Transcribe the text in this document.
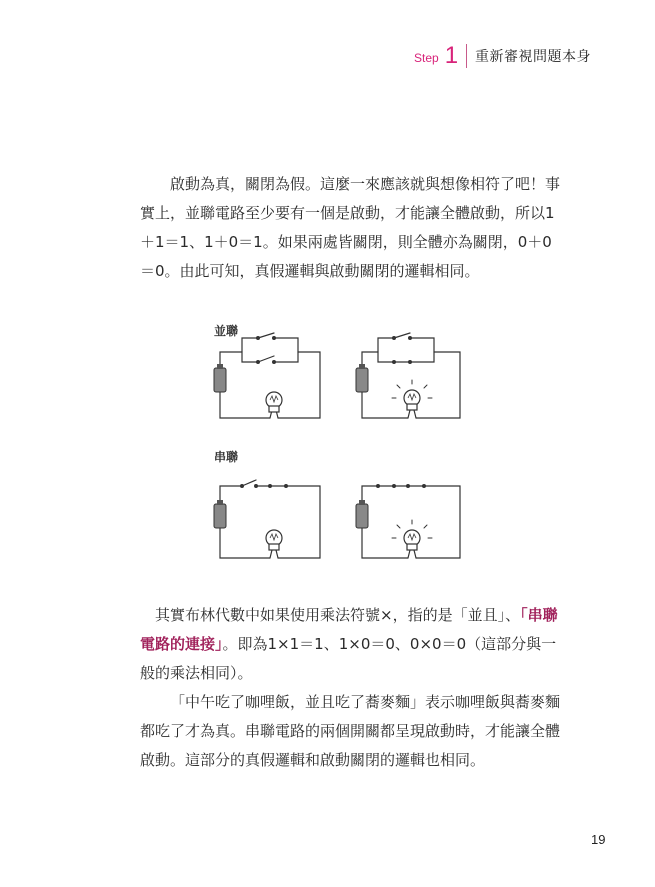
Step 1 重新審視問題本身

啟動為真，關閉為假。這麼一來應該就與想像相符了吧！事實上，並聯電路至少要有一個是啟動，才能讓全體啟動，所以1＋1＝1、1＋0＝1。如果兩處皆關閉，則全體亦為關閉，0＋0＝0。由此可知，真假邏輯與啟動關閉的邏輯相同。

並聯
串聯

　其實布林代數中如果使用乘法符號×，指的是「並且」、「串聯電路的連接」。即為1×1＝1、1×0＝0、0×0＝0（這部分與一般的乘法相同）。

「中午吃了咖哩飯，並且吃了蕎麥麵」表示咖哩飯與蕎麥麵都吃了才為真。串聯電路的兩個開關都呈現啟動時，才能讓全體啟動。這部分的真假邏輯和啟動關閉的邏輯也相同。

19
